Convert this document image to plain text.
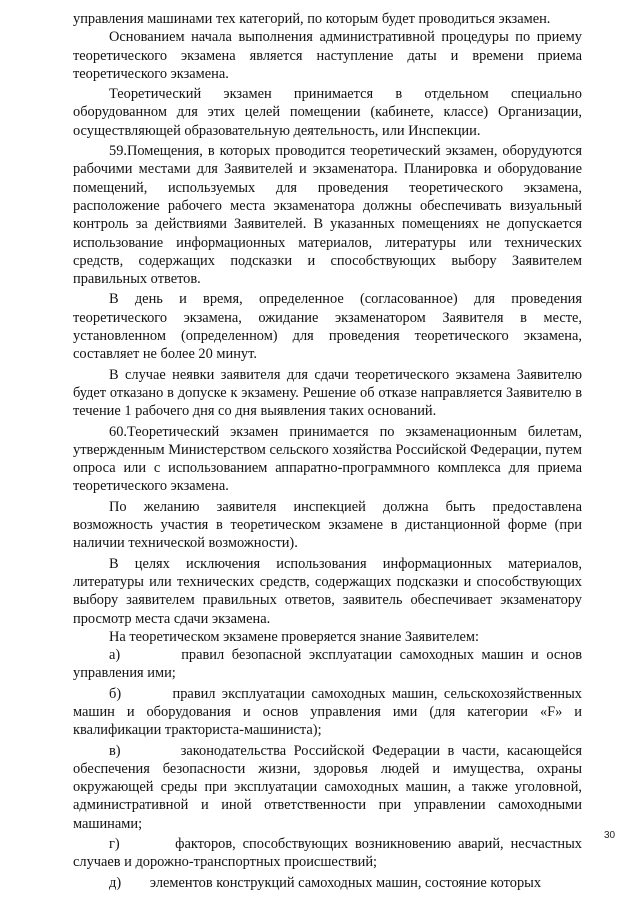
управления машинами тех категорий, по которым будет проводиться экзамен.

Основанием начала выполнения административной процедуры по приему теоретического экзамена является наступление даты и времени приема теоретического экзамена.

Теоретический экзамен принимается в отдельном специально оборудованном для этих целей помещении (кабинете, классе) Организации, осуществляющей образовательную деятельность, или Инспекции.

59.Помещения, в которых проводится теоретический экзамен, оборудуются рабочими местами для Заявителей и экзаменатора. Планировка и оборудование помещений, используемых для проведения теоретического экзамена, расположение рабочего места экзаменатора должны обеспечивать визуальный контроль за действиями Заявителей. В указанных помещениях не допускается использование информационных материалов, литературы или технических средств, содержащих подсказки и способствующих выбору Заявителем правильных ответов.

В день и время, определенное (согласованное) для проведения теоретического экзамена, ожидание экзаменатором Заявителя в месте, установленном (определенном) для проведения теоретического экзамена, составляет не более 20 минут.

В случае неявки заявителя для сдачи теоретического экзамена Заявителю будет отказано в допуске к экзамену. Решение об отказе направляется Заявителю в течение 1 рабочего дня со дня выявления таких оснований.

60.Теоретический экзамен принимается по экзаменационным билетам, утвержденным Министерством сельского хозяйства Российской Федерации, путем опроса или с использованием аппаратно-программного комплекса для приема теоретического экзамена.

По желанию заявителя инспекцией должна быть предоставлена возможность участия в теоретическом экзамене в дистанционной форме (при наличии технической возможности).

В целях исключения использования информационных материалов, литературы или технических средств, содержащих подсказки и способствующих выбору заявителем правильных ответов, заявитель обеспечивает экзаменатору просмотр места сдачи экзамена.

На теоретическом экзамене проверяется знание Заявителем:

а)	правил безопасной эксплуатации самоходных машин и основ управления ими;

б)	правил эксплуатации самоходных машин, сельскохозяйственных машин и оборудования и основ управления ими (для категории «F» и квалификации тракториста-машиниста);

в)	законодательства Российской Федерации в части, касающейся обеспечения безопасности жизни, здоровья людей и имущества, охраны окружающей среды при эксплуатации самоходных машин, а также уголовной, административной и иной ответственности при управлении самоходными машинами;

г)	факторов, способствующих возникновению аварий, несчастных случаев и дорожно-транспортных происшествий;

д) элементов конструкций самоходных машин, состояние которых

30
